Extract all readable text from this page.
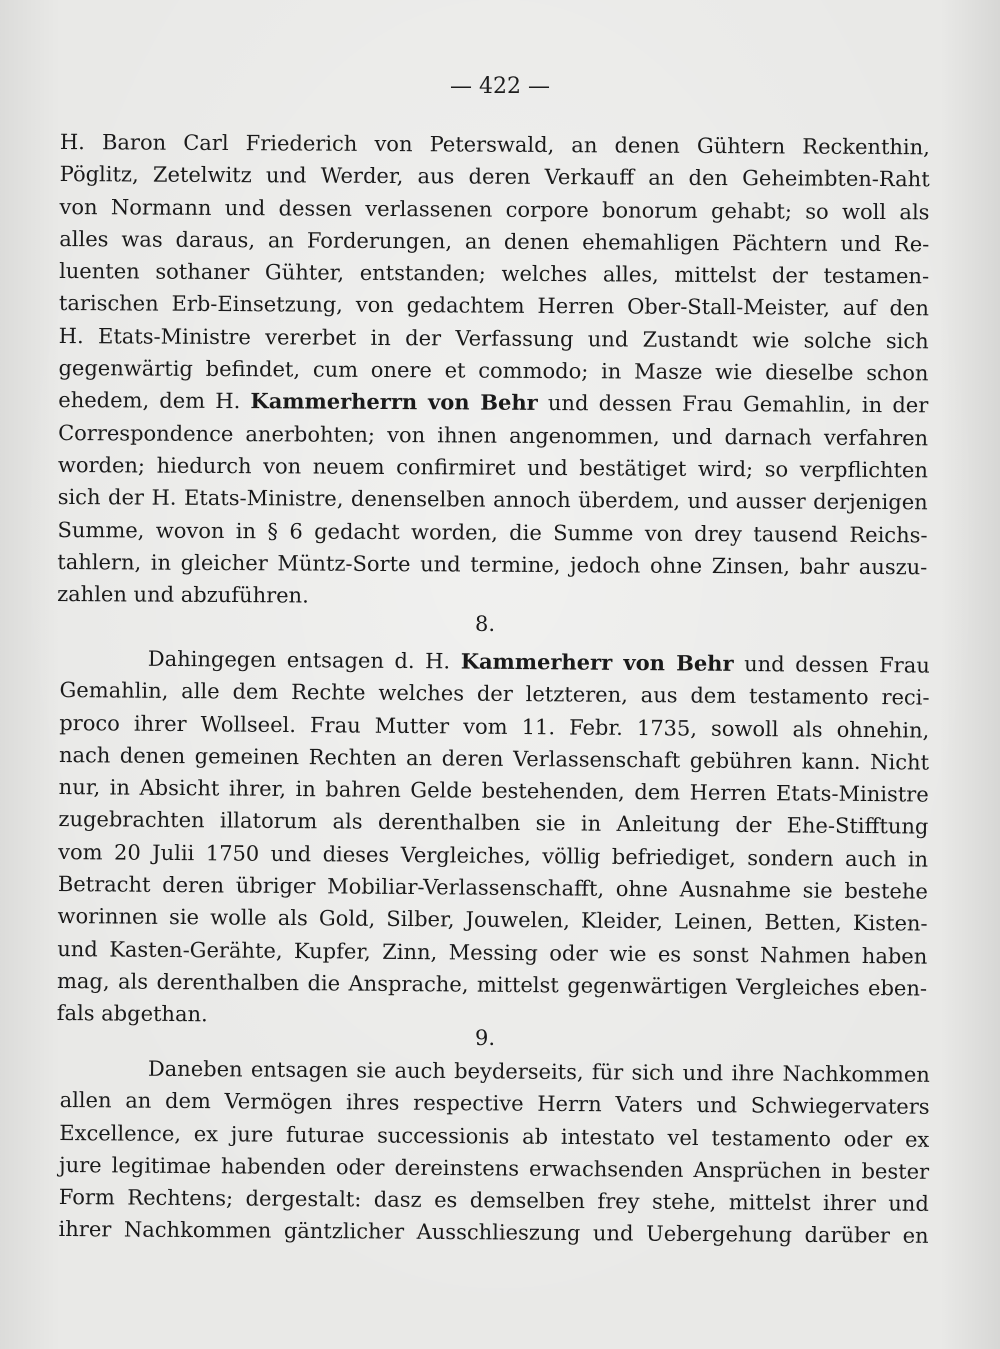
— 422 —
H. Baron Carl Friederich von Peterswald, an denen Gühtern Reckenthin,
Pöglitz, Zetelwitz und Werder, aus deren Verkauff an den Geheimbten-Raht
von Normann und dessen verlassenen corpore bonorum gehabt; so woll als
alles was daraus, an Forderungen, an denen ehemahligen Pächtern und Re-
luenten sothaner Gühter, entstanden; welches alles, mittelst der testamen-
tarischen Erb-Einsetzung, von gedachtem Herren Ober-Stall-Meister, auf den
H. Etats-Ministre vererbet in der Verfassung und Zustandt wie solche sich
gegenwärtig befindet, cum onere et commodo; in Masze wie dieselbe schon
ehedem, dem H. Kammerherrn von Behr und dessen Frau Gemahlin, in der
Correspondence anerbohten; von ihnen angenommen, und darnach verfahren
worden; hiedurch von neuem confirmiret und bestätiget wird; so verpflichten
sich der H. Etats-Ministre, denenselben annoch überdem, und ausser derjenigen
Summe, wovon in § 6 gedacht worden, die Summe von drey tausend Reichs-
tahlern, in gleicher Müntz-Sorte und termine, jedoch ohne Zinsen, bahr auszu-
zahlen und abzuführen.
8.
Dahingegen entsagen d. H. Kammerherr von Behr und dessen Frau
Gemahlin, alle dem Rechte welches der letzteren, aus dem testamento reci-
proco ihrer Wollseel. Frau Mutter vom 11. Febr. 1735, sowoll als ohnehin,
nach denen gemeinen Rechten an deren Verlassenschaft gebühren kann. Nicht
nur, in Absicht ihrer, in bahren Gelde bestehenden, dem Herren Etats-Ministre
zugebrachten illatorum als derenthalben sie in Anleitung der Ehe-Stifftung
vom 20 Julii 1750 und dieses Vergleiches, völlig befriediget, sondern auch in
Betracht deren übriger Mobiliar-Verlassenschafft, ohne Ausnahme sie bestehe
worinnen sie wolle als Gold, Silber, Jouwelen, Kleider, Leinen, Betten, Kisten-
und Kasten-Gerähte, Kupfer, Zinn, Messing oder wie es sonst Nahmen haben
mag, als derenthalben die Ansprache, mittelst gegenwärtigen Vergleiches eben-
fals abgethan.
9.
Daneben entsagen sie auch beyderseits, für sich und ihre Nachkommen
allen an dem Vermögen ihres respective Herrn Vaters und Schwiegervaters
Excellence, ex jure futurae successionis ab intestato vel testamento oder ex
jure legitimae habenden oder dereinstens erwachsenden Ansprüchen in bester
Form Rechtens; dergestalt: dasz es demselben frey stehe, mittelst ihrer und
ihrer Nachkommen gäntzlicher Ausschlieszung und Uebergehung darüber en
